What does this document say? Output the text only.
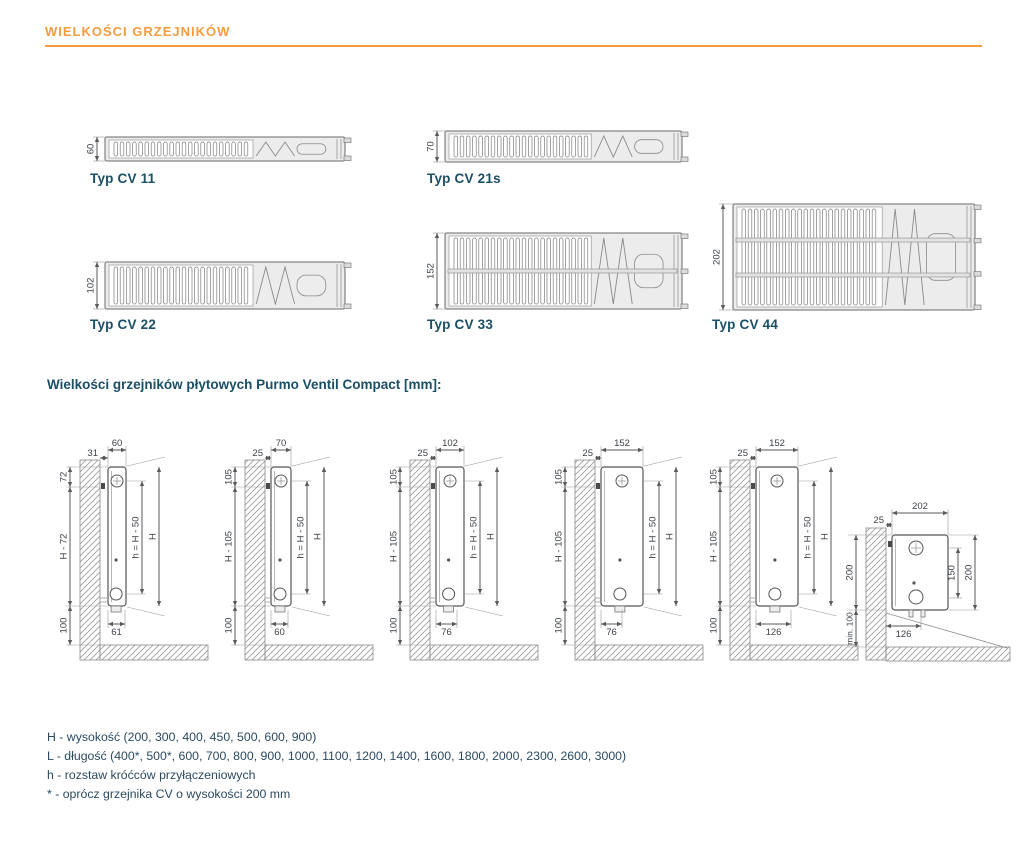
60	70
102
152
202
60
31
72
H - 72
100
h = H - 50 H
61
70
25
105
H - 105
100
h = H - 50 H
60
102
25
105
H - 105
100
h = H - 50 H
76
152
25
105
H - 105
100
h = H - 50 H
76
152
25
105
H - 105
100
h = H - 50 H
126
202
25
200
min. 100
150 200
126
WIELKOŚCI GRZEJNIKÓW
Typ CV 11	Typ CV 21s
Typ CV 22	Typ CV 33	Typ CV 44
Wielkości grzejników płytowych Purmo Ventil Compact [mm]:
H - wysokość (200, 300, 400, 450, 500, 600, 900)
L - długość (400*, 500*, 600, 700, 800, 900, 1000, 1100, 1200, 1400, 1600, 1800, 2000, 2300, 2600, 3000)
h - rozstaw króćców przyłączeniowych
* - oprócz grzejnika CV o wysokości 200 mm
